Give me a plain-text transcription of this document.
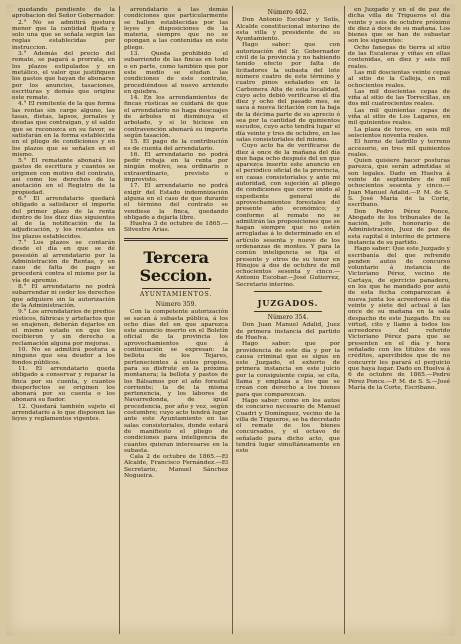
quedando pendiente de la aprobacion del Señor Gobernador.

2.° No se admitirá postura menor que la cantidad fijada y solo una que se señala según las reglas establecidas por instruccion.

3.° Además del precio del remate, se pagará a prorrata, en los plazos estipulados y en metálico, el valor que justifiquen los gastos que hayan de abonarse por los anuncios, tasaciones, escrituras y demás que origine este remate.

4.° El remitente de la que forma las rentas sin cargo alguno, las tasas, dietas, lapsos, jornales y deudas que contraigan, y el saldo que se reconozca en su favor, se satisfarán en la forma establecida en el pliego de condiciones y en los plazos que se señalen en el mismo.

5.° El rematante abonará los gastos de escritura y cuantos se originen con motivo del contrato, así como los derechos de la anotación en el Registro de la propiedad.

6.° El arrendatario quedará obligado a satisfacer el importe del primer plazo de la renta dentro de los diez días siguientes al de la notificación de la adjudicación, y los restantes en los plazos establecidos.

7.° Los plazos se contarán desde el día en que se dé posesión al arrendatario por la Administración de Rentas, y en caso de falta de pago se procederá contra el mismo por la vía de apremio.

8.° El arrendatario no podrá subarrendar ni ceder los derechos que adquiere sin la autorización de la Administración.

9.° Los arrendatarios de predios rústicos, fábricas y artefactos que se enajenen, deberán dejarlos en el mismo estado en que los recibieron y sin derecho a reclamación alguna por mejoras.

10. No se admitirá postura a ninguno que sea deudor a los fondos públicos.

11. El arrendatario queda obligado a conservar y reparar la finca por su cuenta, y cuantos desperfectos se originen los abonará por su cuenta o los abonará su fiador.

12. Quedará también sujeto el arrendatario a lo que disponen las leyes y reglamentos vigentes.

arrendatario á las demás condiciones que particularmente se hallen establecidas por las leyes y disposiciones de la materia, siempre que no se opongan a las contenidas en este pliego.

13. Queda prohibido el subarriendo de las fincas en todo o en parte, como también que por este medio se eludan las condiciones de este contrato, procediéndose al nuevo arriendo en quiebra.

14. En los arrendamientos de fincas rústicas se cuidará de que el arrendatario no haga descuajes de árboles ni disminuya el arbolado, y si lo hiciese en contravención abonará su importe según tasación.

15. El pago de la contribución es de cuenta del arrendatario.

16. El arrendatario no podrá pedir rebaja en la renta por ningún motivo, sea ordinario o extraordinario, previsto o imprevisto.

17. El arrendatario no podrá exigir del Estado indemnización alguna en el caso de que durante el término del contrato se vendiese la finca, quedando obligado a dejarla libre.

Huelva 3 de octubre de 1865.—Silvestre Arias.

Tercera Seccion.
AYUNTAMIENTOS.
Número 359.

Con la competente autorización se sacan á subasta pública, á los ocho días del en que aparezca este anuncio inserto en el Boletín oficial de la provincia los aprovechamientos que á continuación se expresan: la bellota de los Tejares, pertenecientes á estos propios, para su disfrute en la próxima montanera; la bellota y pastos de los Bálsamos por el año forestal corriente; la de la misma pertenencia, y los lábores de Navarredonda, de igual procedencia, por año y vez, según costumbre; cuyo acto tendrá lugar ante este Ayuntamiento en las salas consistoriales, donde estará de manifiesto el pliego de condiciones para inteligencia de cuantos quieran interesarse en la subasta.

Cala 2 de octubre de 1865.—El Alcalde, Francisco Fernández.—El Secretario, Manuel Sánchez Nogueira.

Número 462.

Don Antonio Escobar y Solís, Alcalde constitucional interino de esta villa y presidente de su Ayuntamiento.

Hago saber: que con autorización del Sr. Gobernador civil de la provincia y no habiendo tenido efecto por falta de licitadores la subasta del lote número cuatro de este término y cuatro pinos señalados en la Carbonera Alta de esta localidad, cuyo acto debió verificarse el día diez y ocho del pasado mes, se saca á nueva licitación con la baja de la décima parte de su aprecio ó sea por la cantidad de quinientos escudos, cuyo acto tendrá lugar el día veinte y tres de octubre, en las salas consistoriales del mismo.

Cuyo acto ha de verificarse de diez á once de la mañana del día que haga ocho después del en que aparezca inserto este anuncio en el periódico oficial de la provincia, en casas consistoriales y ante mi autoridad, con sujeción al pliego de condiciones que corre unido al expediente general de aprovechamientos forestales del presente año económico; y conforme al remate no se admitirán las proposiciones que se hagan siempre que no estén arregladas á lo determinado en el artículo sesenta y nueve de los ordenanzas de montes. Y para la común inteligencia se fija el presente y otros de su tenor en Hinojos á dos de octubre de mil ochocientos sesenta y cinco.—Antonio Escobar.—José Gutierrez, Secretario interino.

JUZGADOS.
Número 354.

Don Juan Manuel Adalid, Juez de primera instancia del partido de Huelva.

Hago saber: que por providencia de este día y por la causa criminal que se sigue en este Juzgado, el exhorto de primera instancia en este juicio por la consiguiente copia, se cita, llama y emplaza a los que se crean con derecho a los bienes para que comparezcan.

Hago saber: como en los autos de concurso necesario de Manuel Cuadri y Domínguez, vecino de la villa de Trigueros, se ha decretado el remate de los bienes concursados, y el octavo de señalado para dicho acto, que tendrá lugar simultáneamente en este

en Juzgado y en el de paz de dicha villa de Trigueros el día veinte y seis de octubre próximo de diez á doce de su mañana. Los bienes que se han de subastar son los siguientes:

Ocho fanegas de tierra al sitio de las Escaleras y viñas en ellas contenidas, en diez y seis mil reales.

Las mil doscientas veinte cepas al sitio de la Calleja, en mil ochocientos reales.

Las mil doscientas cepas de viña al sitio de las Torrecillas, en dos mil cuatrocientos reales.

Las mil quinientas cepas de viña al sitio de Los Lagares, en mil quinientos reales.

La plaza de toros, en seis mil seiscientos noventa reales.

El horno de ladrillo y terreno accesorio, en tres mil quinientos reales.

Quien quisiere hacer posturas parezca, que serán admitidas si son legales. Dado en Huelva á veinte de septiembre de mil ochocientos sesenta y cinco.—Juan Manuel Adalid.—P. M. de S. S. José María de la Corte, escribano.

Don Pedro Pérez Ponce, Abogado de los tribunales de la nación, jefe honorario de Administración, Juez de paz de esta capital é interino de primera instancia de su partido.

Hago saber: Que este Juzgado y escribanía del que refrendo penden autos de concurso voluntario á instancia de Victoriano Pérez, vecino de Cartaya, de ejercicio panadero, en los que he mandado por auto de esta fecha comparezcan á nueva junta los acreedores el día veinte y siete del actual á las once de su mañana en la sala despacho de este Juzgado. En su virtud, cito y llamo á todos los acreedores del referido Victoriano Pérez para que se presenten en el día y hora señalado con los títulos de sus créditos, apercibidos que de no concurrir les parará el perjuicio que haya lugar. Dado en Huelva á 6 de octubre de 1865.—Pedro Pérez Ponce.—P. M. de S. S.—José María de la Corte, Escribano.
